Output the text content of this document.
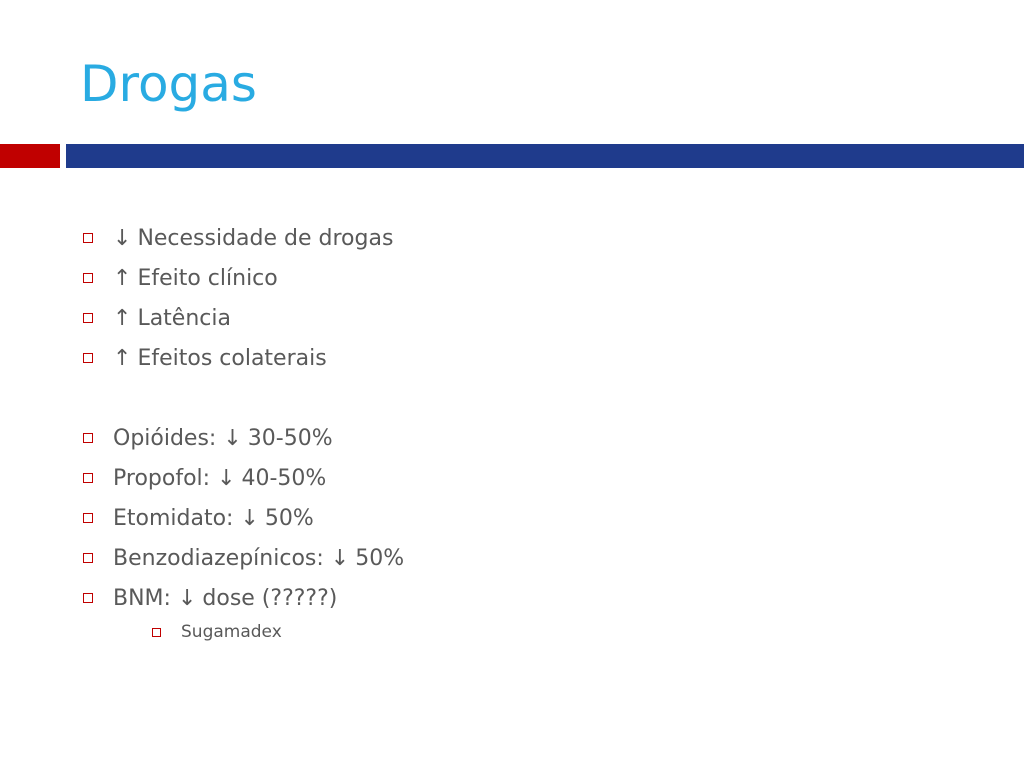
Drogas
↓ Necessidade de drogas
↑ Efeito clínico
↑ Latência
↑ Efeitos colaterais
Opióides:
↓ 30-50%
Propofol:
↓ 40-50%
Etomidato:
↓ 50%
Benzodiazepínicos:
↓ 50%
BNM:
↓ dose (?????)
Sugamadex
